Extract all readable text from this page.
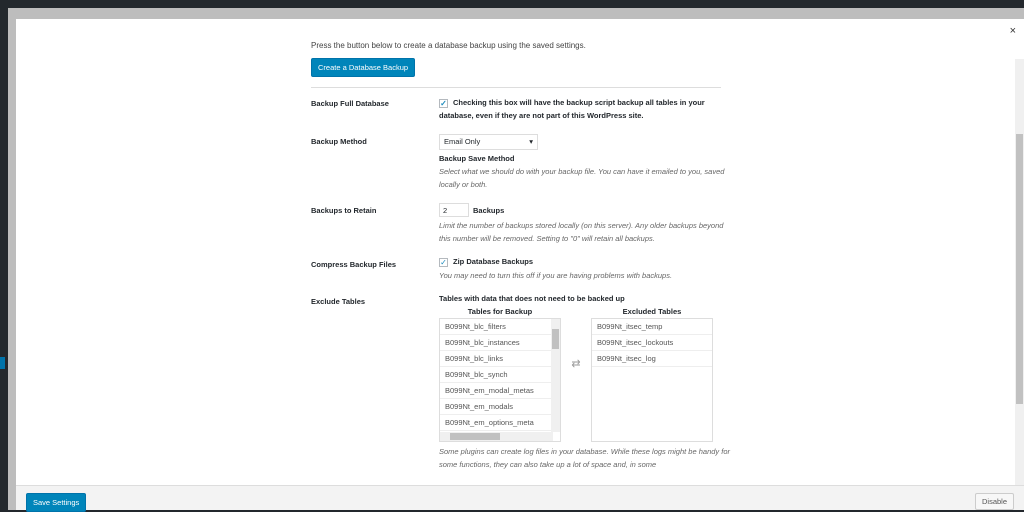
×
Press the button below to create a database backup using the saved settings.
Create a Database Backup
Backup Full Database	✓ Checking this box will have the backup script backup all tables in your database, even if they are not part of this WordPress site.
Backup Method	Email Only	▾
Backup Save Method
Select what we should do with your backup file. You can have it emailed to you, saved locally or both.
Backups to Retain	2	Backups
Limit the number of backups stored locally (on this server). Any older backups beyond this number will be removed. Setting to "0" will retain all backups.
Compress Backup Files	✓ Zip Database Backups
You may need to turn this off if you are having problems with backups.
Exclude Tables	Tables with data that does not need to be backed up
Tables for Backup
B099Nt_blc_filters
B099Nt_blc_instances
B099Nt_blc_links
B099Nt_blc_synch
B099Nt_em_modal_metas
B099Nt_em_modals
B099Nt_em_options_meta
⇄
Excluded Tables
B099Nt_itsec_temp
B099Nt_itsec_lockouts
B099Nt_itsec_log
Some plugins can create log files in your database. While these logs might be handy for some functions, they can also take up a lot of space and, in some
Save Settings	Disable
